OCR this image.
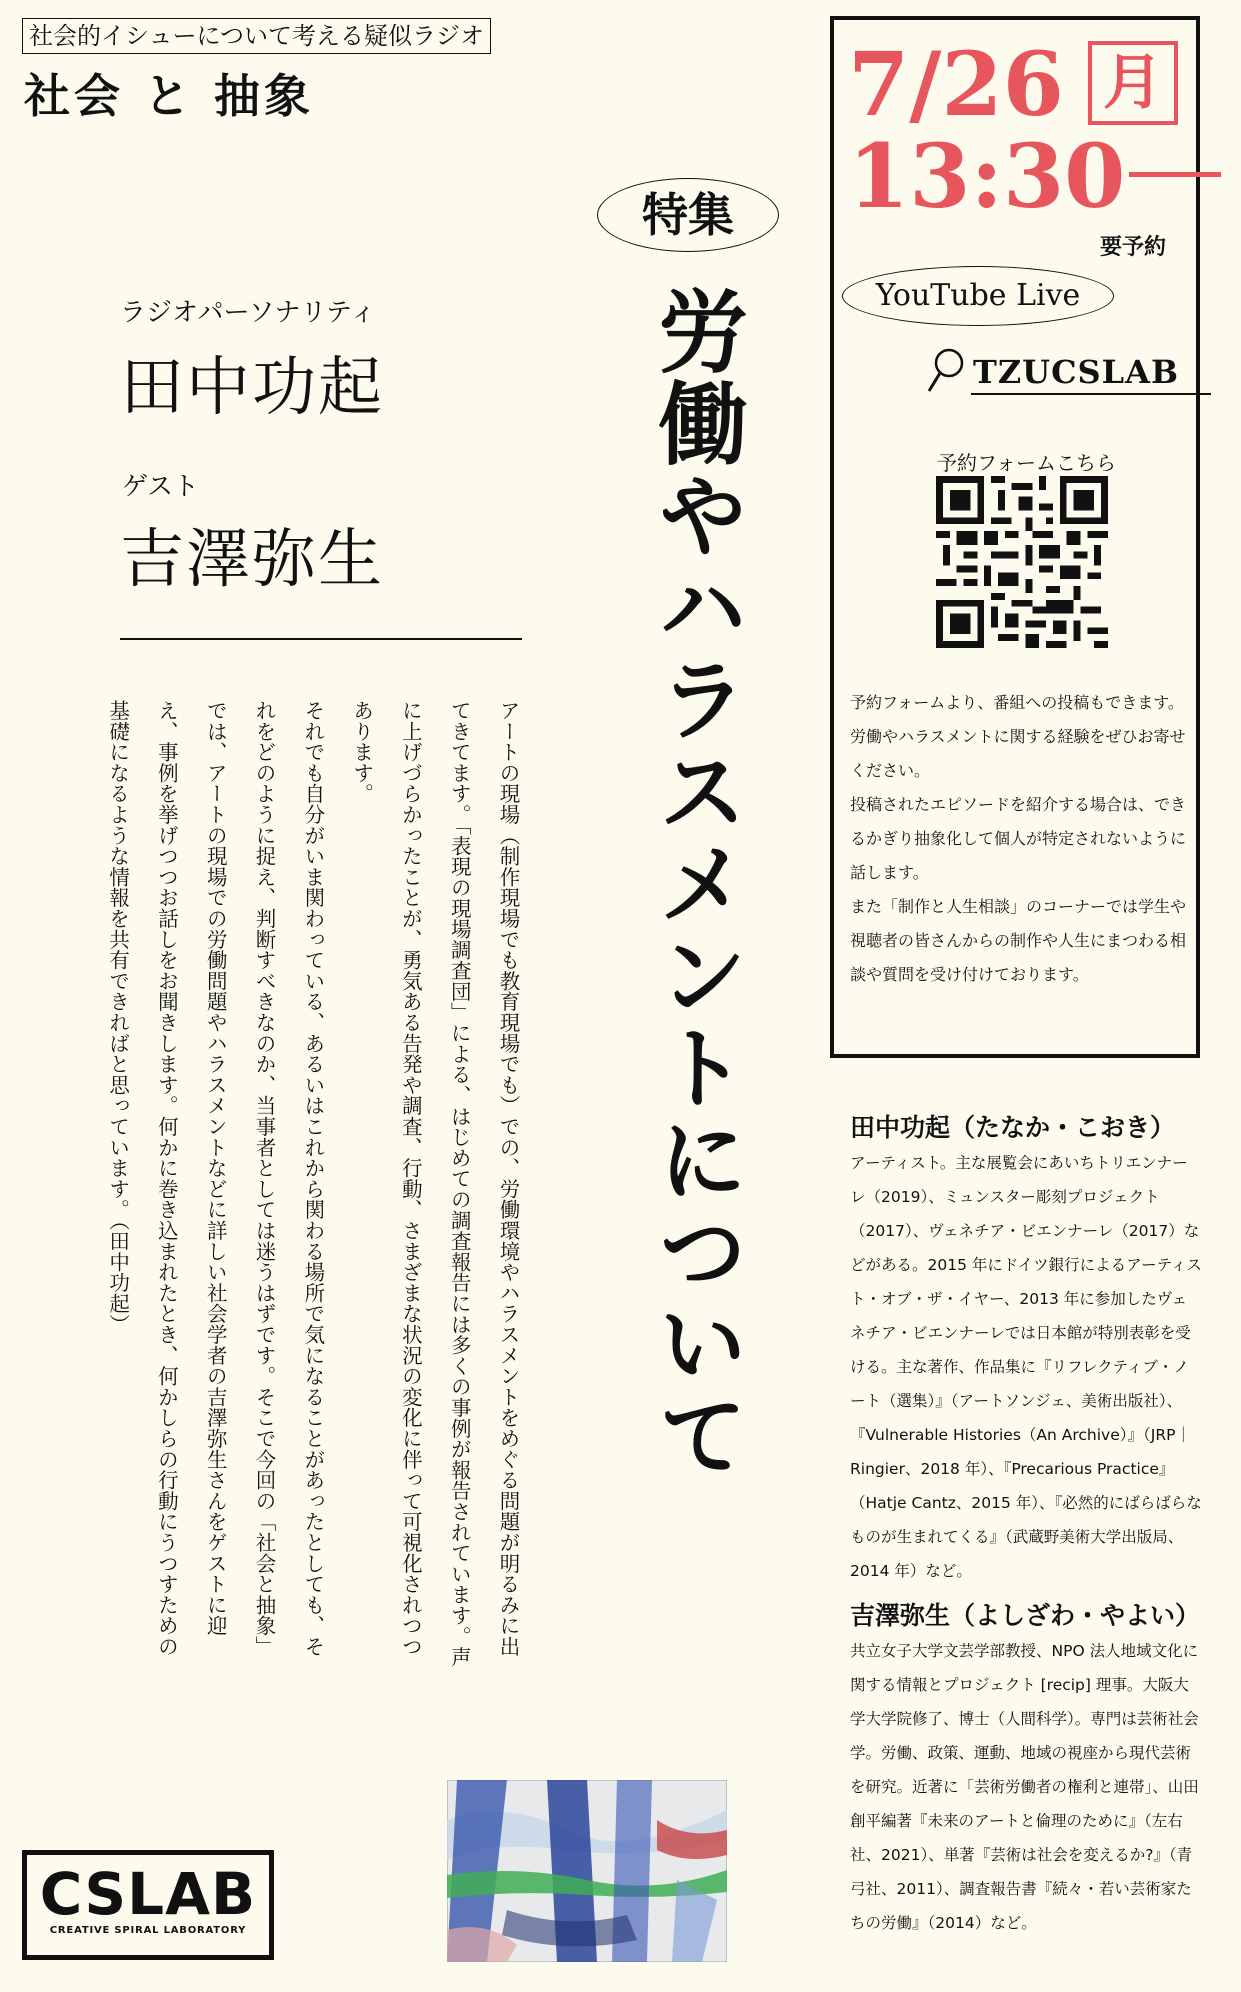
社会的イシューについて考える疑似ラジオ
社会 と 抽象
ラジオパーソナリティ
田中功起
ゲスト
吉澤弥生

アートの現場（制作現場でも教育現場でも）での、労働環境やハラスメントをめぐる問題が明るみに出てきてます。「表現の現場調査団」による、はじめての調査報告には多くの事例が報告されています。声に上げづらかったことが、勇気ある告発や調査、行動、さまざまな状況の変化に伴って可視化されつつあります。

それでも自分がいま関わっている、あるいはこれから関わる場所で気になることがあったとしても、それをどのように捉え、判断すべきなのか、当事者としては迷うはずです。そこで今回の「社会と抽象」では、アートの現場での労働問題やハラスメントなどに詳しい社会学者の吉澤弥生さんをゲストに迎え、事例を挙げつつお話しをお聞きします。何かに巻き込まれたとき、何かしらの行動にうつすための基礎になるような情報を共有できればと思っています。（田中功起）

特集
労働やハラスメントについて
7/26 月
13:30
要予約
YouTube Live
TZUCSLAB
予約フォームこちら

予約フォームより、番組への投稿もできます。労働やハラスメントに関する経験をぜひお寄せください。

投稿されたエピソードを紹介する場合は、できるかぎり抽象化して個人が特定されないように話します。

また「制作と人生相談」のコーナーでは学生や視聴者の皆さんからの制作や人生にまつわる相談や質問を受け付けております。

田中功起（たなか・こおき）
アーティスト。主な展覧会にあいちトリエンナーレ（2019）、ミュンスター彫刻プロジェクト（2017）、ヴェネチア・ビエンナーレ（2017）などがある。2015 年にドイツ銀行によるアーティスト・オブ・ザ・イヤー、2013 年に参加したヴェネチア・ビエンナーレでは日本館が特別表彰を受ける。主な著作、作品集に『リフレクティブ・ノート（選集）』（アートソンジェ、美術出版社）、『Vulnerable Histories（An Archive）』（JRP｜Ringier、2018 年）、『Precarious Practice』（Hatje Cantz、2015 年）、『必然的にばらばらなものが生まれてくる』（武蔵野美術大学出版局、2014 年）など。
吉澤弥生（よしざわ・やよい）
共立女子大学文芸学部教授、NPO 法人地域文化に関する情報とプロジェクト [recip] 理事。大阪大学大学院修了、博士（人間科学）。専門は芸術社会学。労働、政策、運動、地域の視座から現代芸術を研究。近著に「芸術労働者の権利と連帯」、山田創平編著『未来のアートと倫理のために』（左右社、2021）、単著『芸術は社会を変えるか?』（青弓社、2011）、調査報告書『続々・若い芸術家たちの労働』（2014）など。
CSLAB
CREATIVE SPIRAL LABORATORY
